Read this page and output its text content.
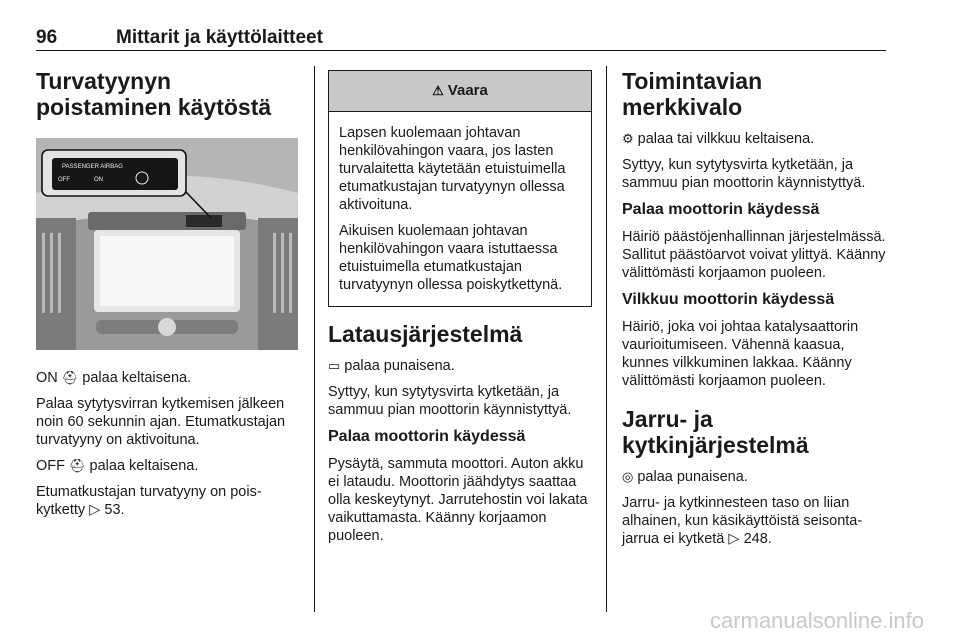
96	Mittarit ja käyttölaitteet
Turvatyynyn poistaminen käytöstä
PASSENGER AIRBAG
OFF	ON

ON ⛑ palaa keltaisena.

Palaa sytytysvirran kytkemisen jälkeen noin 60 sekunnin ajan. Etumatkustajan turvatyyny on aktivoituna.

OFF ⛑ palaa keltaisena.

Etumatkustajan turvatyyny on poiskytketty ▷ 53.

⚠ Vaara

Lapsen kuolemaan johtavan henkilövahingon vaara, jos lasten turvalaitetta käytetään etuistuimella etumatkustajan turvatyynyn ollessa aktivoituna.

Aikuisen kuolemaan johtavan henkilövahingon vaara istuttaessa etuistuimella etumatkustajan turvatyynyn ollessa poiskytkettynä.

Latausjärjestelmä

▭ palaa punaisena.

Syttyy, kun sytytysvirta kytketään, ja sammuu pian moottorin käynnistyttyä.

Palaa moottorin käydessä

Pysäytä, sammuta moottori. Auton akku ei lataudu. Moottorin jäähdytys saattaa olla keskeytynyt. Jarrutehostin voi lakata vaikuttamasta. Käänny korjaamon puoleen.

Toimintavian merkkivalo

⚙ palaa tai vilkkuu keltaisena.

Syttyy, kun sytytysvirta kytketään, ja sammuu pian moottorin käynnistyttyä.

Palaa moottorin käydessä

Häiriö päästöjenhallinnan järjestelmässä. Sallitut päästöarvot voivat ylittyä. Käänny välittömästi korjaamon puoleen.

Vilkkuu moottorin käydessä

Häiriö, joka voi johtaa katalysaattorin vaurioitumiseen. Vähennä kaasua, kunnes vilkkuminen lakkaa. Käänny välittömästi korjaamon puoleen.

Jarru- ja kytkinjärjestelmä

◎ palaa punaisena.

Jarru- ja kytkinnesteen taso on liian alhainen, kun käsikäyttöistä seisontajarrua ei kytketä ▷ 248.

carmanualsonline.info
